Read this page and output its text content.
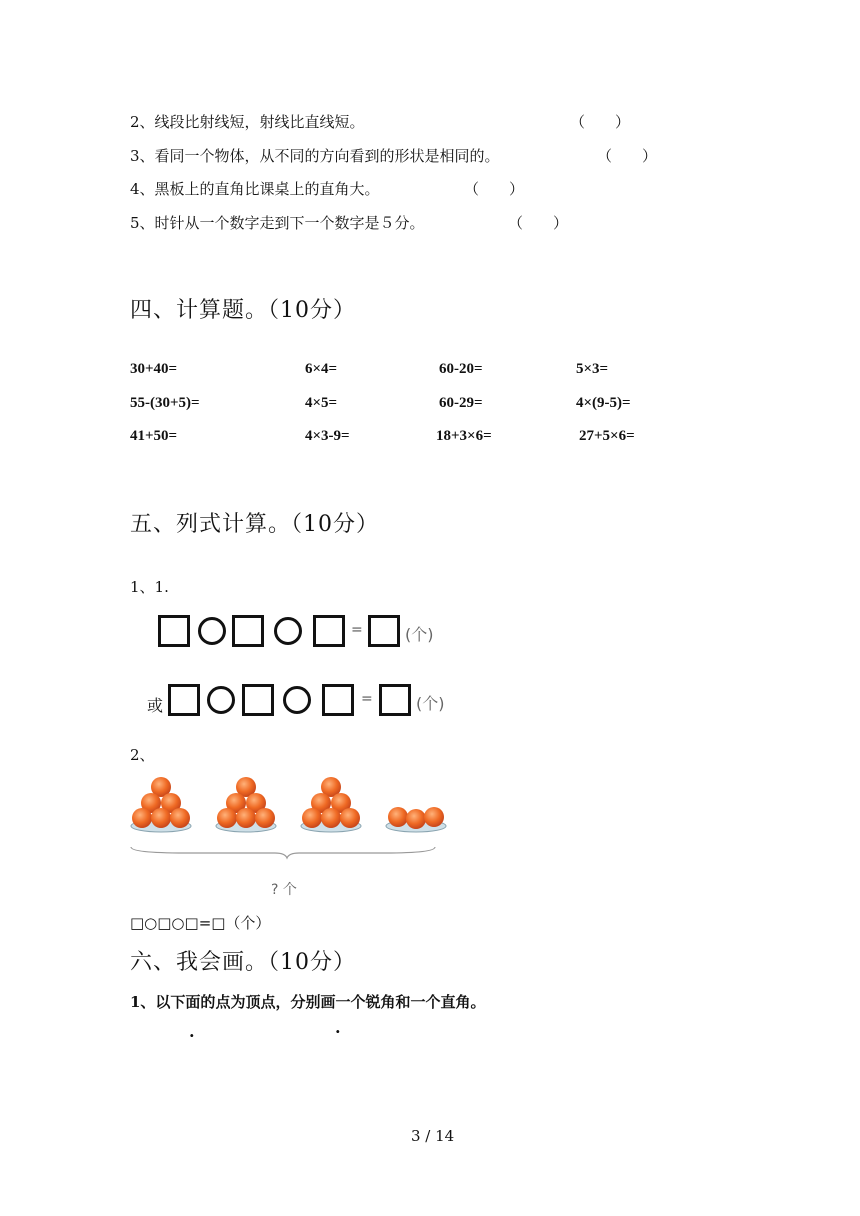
2、线段比射线短，射线比直线短。	（　　）
3、看同一个物体，从不同的方向看到的形状是相同的。	（　　）
4、黑板上的直角比课桌上的直角大。	（　　）
5、时针从一个数字走到下一个数字是５分。	（　　）
四、计算题。（10分）
30+40=	6×4=	60-20=	5×3=
55-(30+5)=	4×5=	60-29=	4×(9-5)=
41+50=	4×3-9=	18+3×6=	27+5×6=
五、列式计算。（10分）
1、1.
=	(个)
或	=	(个)
2、
? 个
□○□○□=□（个）
六、我会画。（10分）
1、以下面的点为顶点，分别画一个锐角和一个直角。
.	.
3 / 14
